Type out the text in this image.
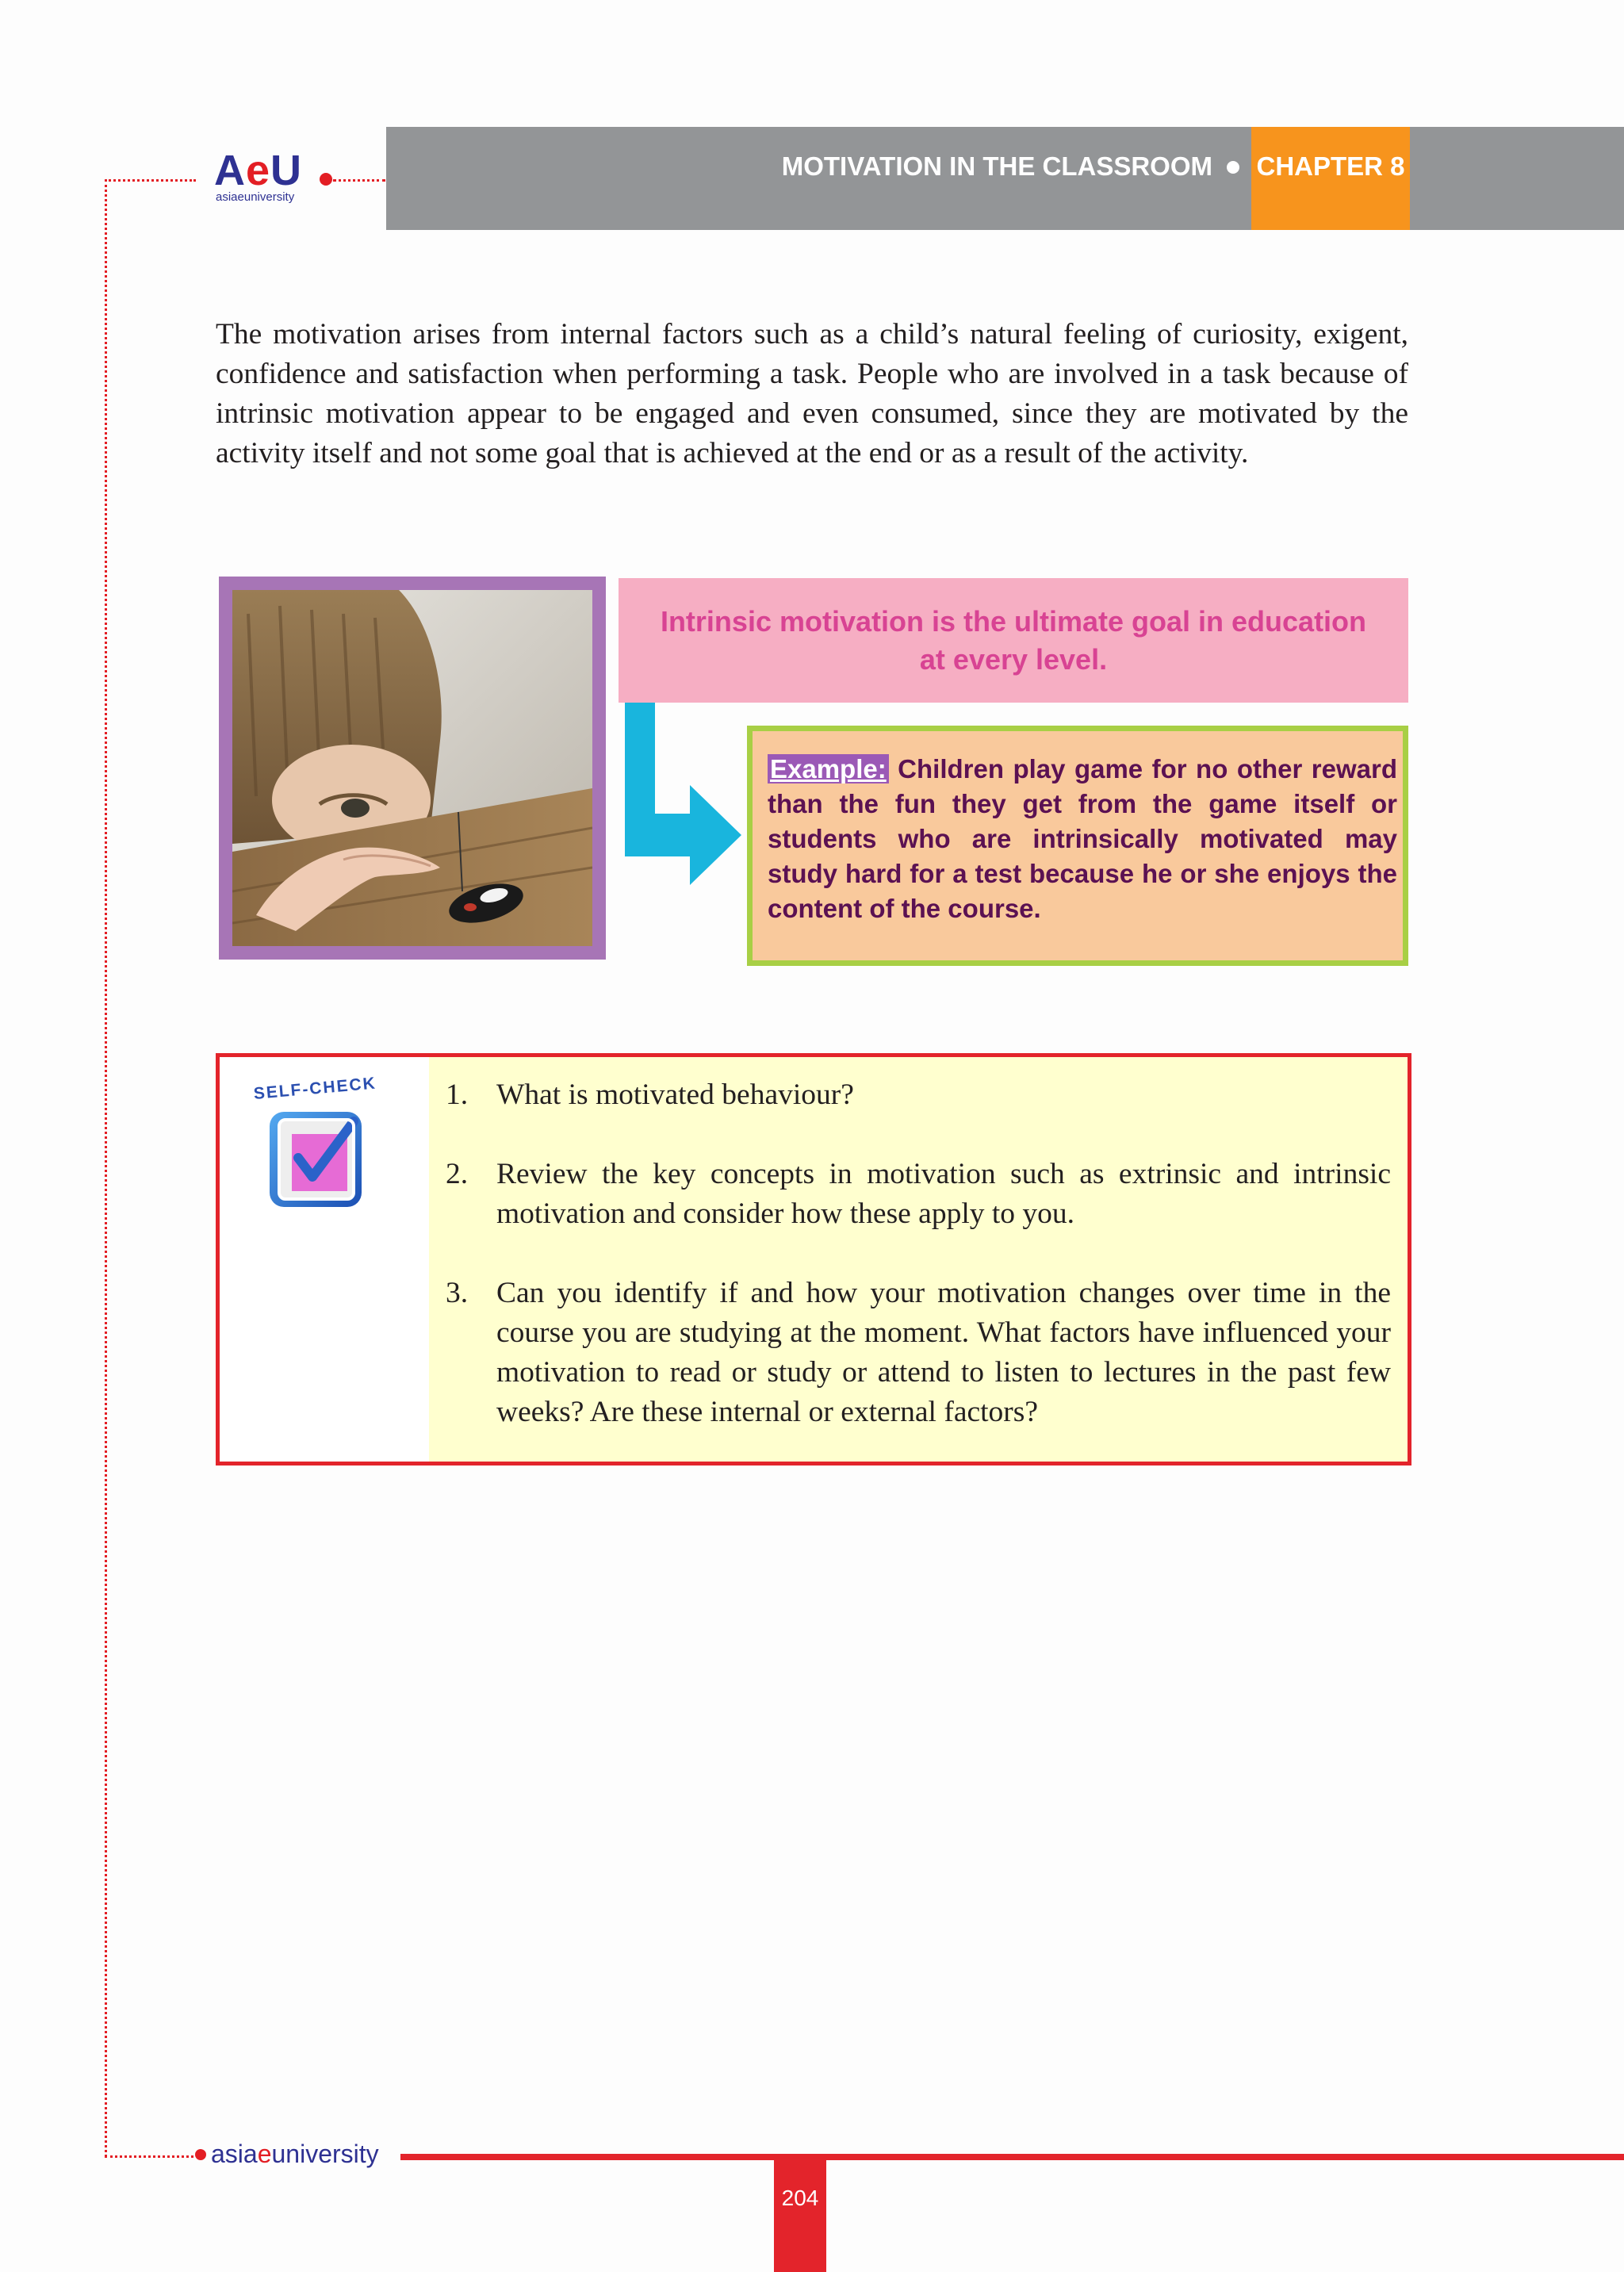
MOTIVATION IN THE CLASSROOM CHAPTER 8
AeU
asiaeuniversity
The motivation arises from internal factors such as a child’s natural feeling of curiosity, exigent, confidence and satisfaction when performing a task. People who are involved in a task because of intrinsic motivation appear to be engaged and even consumed, since they are motivated by the activity itself and not some goal that is achieved at the end or as a result of the activity.
Intrinsic motivation is the ultimate goal in education at every level.
Example: Children play game for no other reward than the fun they get from the game itself or students who are intrinsically motivated may study hard for a test because he or she enjoys the content of the course.
SELF-CHECK 1. What is motivated behaviour?
2. Review the key concepts in motivation such as extrinsic and intrinsic motivation and consider how these apply to you.
3. Can you identify if and how your motivation changes over time in the course you are studying at the moment. What factors have influenced your motivation to read or study or attend to listen to lectures in the past few weeks? Are these internal or external factors?
asiaeuniversity
204
